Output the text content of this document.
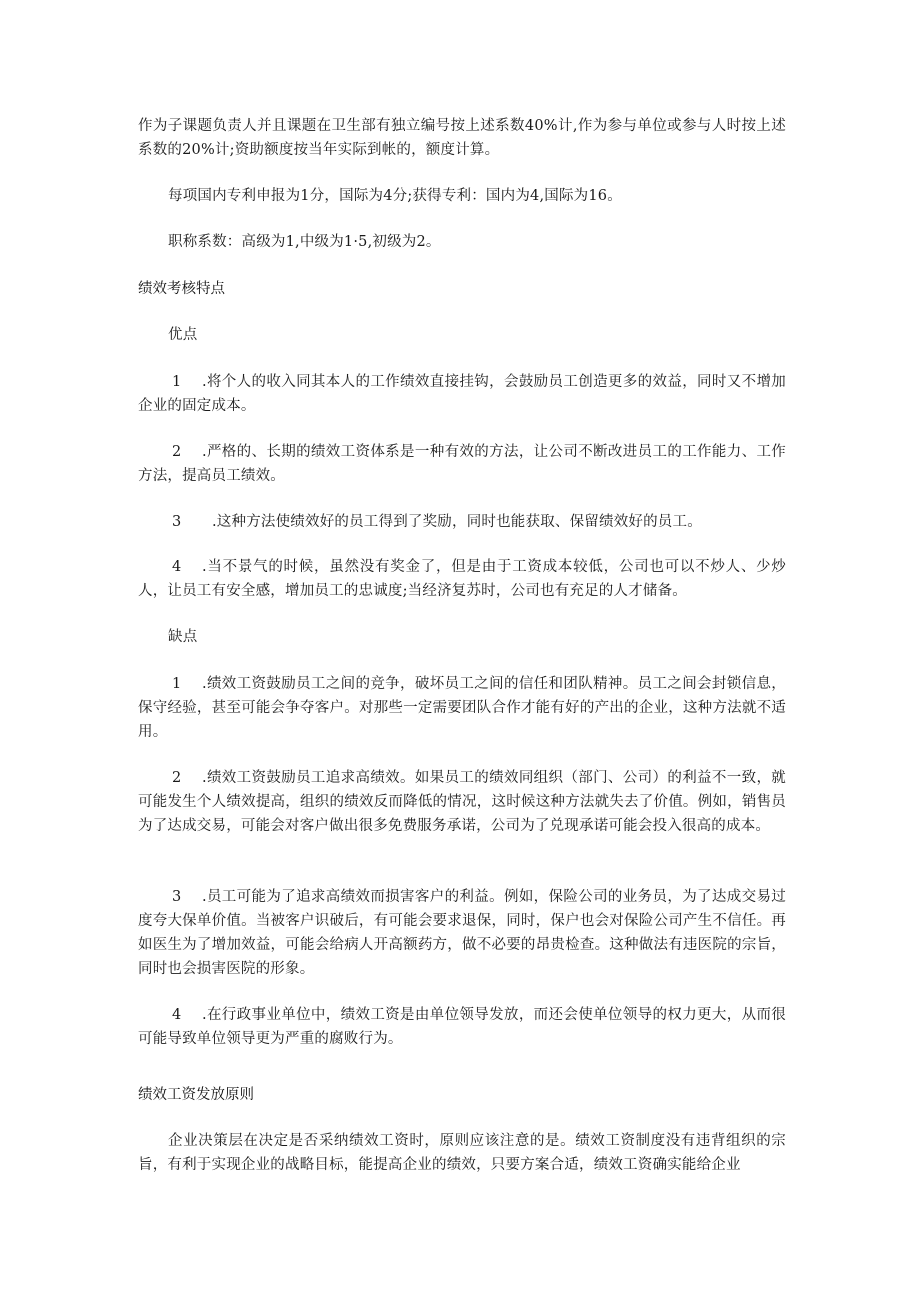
作为子课题负责人并且课题在卫生部有独立编号按上述系数40%计,作为参与单位或参与人时按上述系数的20%计;资助额度按当年实际到帐的，额度计算。

每项国内专利申报为1分，国际为4分;获得专利：国内为4,国际为16。

职称系数：高级为1,中级为1·5,初级为2。

绩效考核特点

优点

1 .将个人的收入同其本人的工作绩效直接挂钩，会鼓励员工创造更多的效益，同时又不增加企业的固定成本。

2 .严格的、长期的绩效工资体系是一种有效的方法，让公司不断改进员工的工作能力、工作方法，提高员工绩效。

3 .这种方法使绩效好的员工得到了奖励，同时也能获取、保留绩效好的员工。

4 .当不景气的时候，虽然没有奖金了，但是由于工资成本较低，公司也可以不炒人、少炒人，让员工有安全感，增加员工的忠诚度;当经济复苏时，公司也有充足的人才储备。

缺点

1 .绩效工资鼓励员工之间的竞争，破坏员工之间的信任和团队精神。员工之间会封锁信息，保守经验，甚至可能会争夺客户。对那些一定需要团队合作才能有好的产出的企业，这种方法就不适用。

2 .绩效工资鼓励员工追求高绩效。如果员工的绩效同组织（部门、公司）的利益不一致，就可能发生个人绩效提高，组织的绩效反而降低的情况，这时候这种方法就失去了价值。例如，销售员为了达成交易，可能会对客户做出很多免费服务承诺，公司为了兑现承诺可能会投入很高的成本。

3 .员工可能为了追求高绩效而损害客户的利益。例如，保险公司的业务员，为了达成交易过度夸大保单价值。当被客户识破后，有可能会要求退保，同时，保户也会对保险公司产生不信任。再如医生为了增加效益，可能会给病人开高额药方，做不必要的昂贵检查。这种做法有违医院的宗旨，同时也会损害医院的形象。

4 .在行政事业单位中，绩效工资是由单位领导发放，而还会使单位领导的权力更大，从而很可能导致单位领导更为严重的腐败行为。

绩效工资发放原则

企业决策层在决定是否采纳绩效工资时，原则应该注意的是。绩效工资制度没有违背组织的宗旨，有利于实现企业的战略目标，能提高企业的绩效，只要方案合适，绩效工资确实能给企业
